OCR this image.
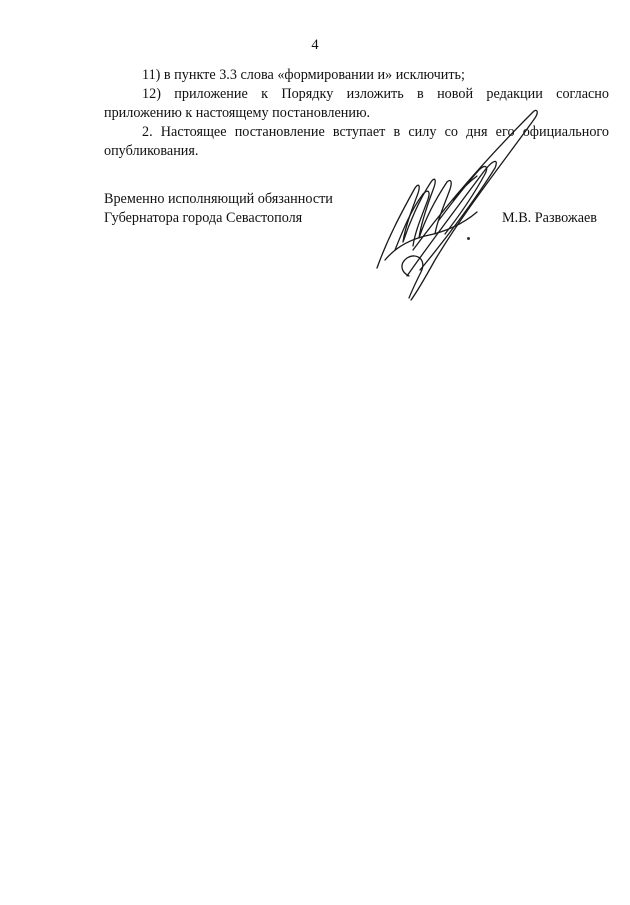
4

11) в пункте 3.3 слова «формировании и» исключить;

12) приложение к Порядку изложить в новой редакции согласно приложению к настоящему постановлению.

2. Настоящее постановление вступает в силу со дня его официального опубликования.

Временно исполняющий обязанности
Губернатора города Севастополя	М.В. Развожаев
